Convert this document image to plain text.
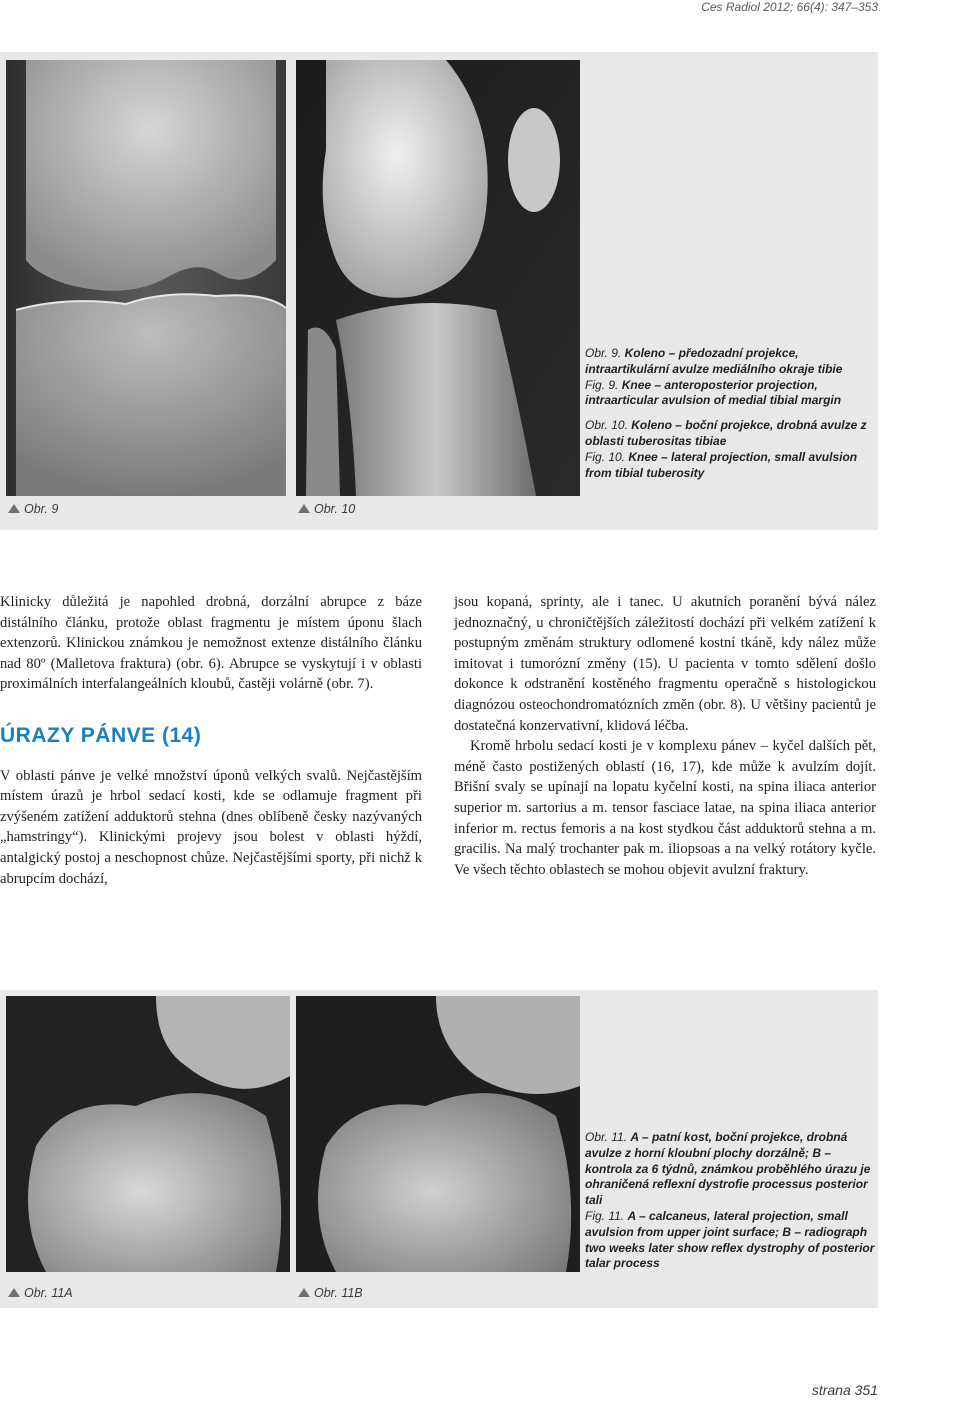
Ces Radiol 2012; 66(4): 347–353
Obr. 9	Obr. 10

Obr. 9. Koleno – předozadní projekce, intraartikulární avulze mediálního okraje tibie

Fig. 9. Knee – anteroposterior projection, intraarticular avulsion of medial tibial margin

Obr. 10. Koleno – boční projekce, drobná avulze z oblasti tuberositas tibiae

Fig. 10. Knee – lateral projection, small avulsion from tibial tuberosity

Klinicky důležitá je napohled drobná, dorzální abrupce z báze distálního článku, protože oblast fragmentu je místem úponu šlach extenzorů. Klinickou známkou je nemožnost extenze distálního článku nad 80º (Malletova fraktura) (obr. 6). Abrupce se vyskytují i v oblasti proximálních interfalangeálních kloubů, častěji volárně (obr. 7).

ÚRAZY PÁNVE (14)

V oblasti pánve je velké množství úponů velkých svalů. Nejčastějším místem úrazů je hrbol sedací kosti, kde se odlamuje fragment při zvýšeném zatížení adduktorů stehna (dnes oblíbeně česky nazývaných „hamstringy“). Klinickými projevy jsou bolest v oblasti hýždí, antalgický postoj a neschopnost chůze. Nejčastějšími sporty, při nichž k abrupcím dochází,

jsou kopaná, sprinty, ale i tanec. U akutních poranění bývá nález jednoznačný, u chroničtějších záležitostí dochází při velkém zatížení k postupným změnám struktury odlomené kostní tkáně, kdy nález může imitovat i tumorózní změny (15). U pacienta v tomto sdělení došlo dokonce k odstranění kostěného fragmentu operačně s histologickou diagnózou osteochondromatózních změn (obr. 8). U většiny pacientů je dostatečná konzervativní, klidová léčba.

Kromě hrbolu sedací kosti je v komplexu pánev – kyčel dalších pět, méně často postižených oblastí (16, 17), kde může k avulzím dojít. Břišní svaly se upínají na lopatu kyčelní kosti, na spina iliaca anterior superior m. sartorius a m. tensor fasciace latae, na spina iliaca anterior inferior m. rectus femoris a na kost stydkou část adduktorů stehna a m. gracilis. Na malý trochanter pak m. iliopsoas a na velký rotátory kyčle. Ve všech těchto oblastech se mohou objevit avulzní fraktury.

Obr. 11A	Obr. 11B

Obr. 11. A – patní kost, boční projekce, drobná avulze z horní kloubní plochy dorzálně; B – kontrola za 6 týdnů, známkou proběhlého úrazu je ohraničená reflexní dystrofie processus posterior tali

Fig. 11. A – calcaneus, lateral projection, small avulsion from upper joint surface; B – radiograph two weeks later show reflex dystrophy of posterior talar process

strana 351
